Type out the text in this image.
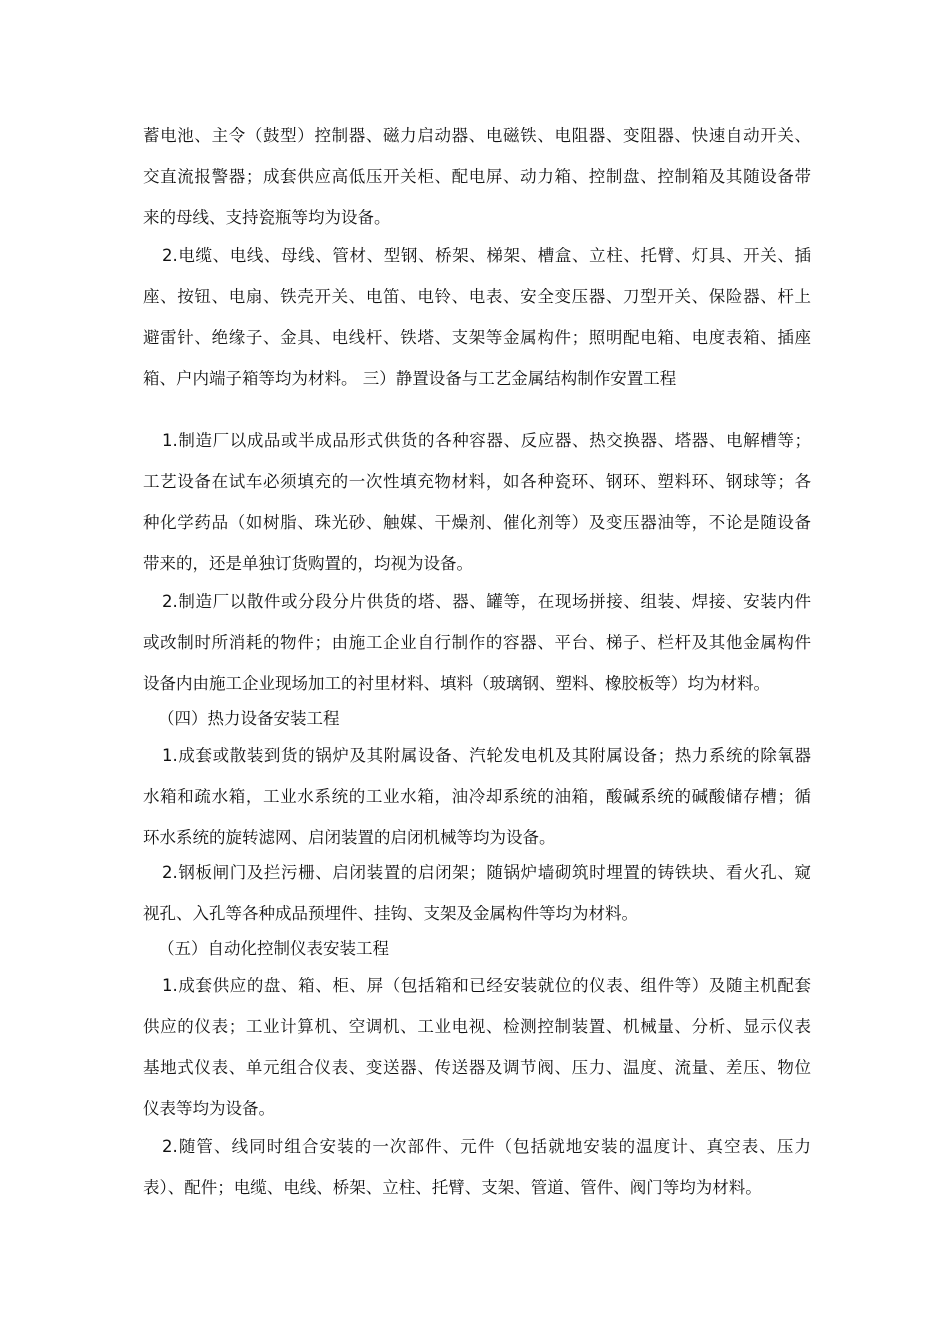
蓄电池、主令（鼓型）控制器、磁力启动器、电磁铁、电阻器、变阻器、快速自动开关、
交直流报警器；成套供应高低压开关柜、配电屏、动力箱、控制盘、控制箱及其随设备带
来的母线、支持瓷瓶等均为设备。
2.电缆、电线、母线、管材、型钢、桥架、梯架、槽盒、立柱、托臂、灯具、开关、插
座、按钮、电扇、铁壳开关、电笛、电铃、电表、安全变压器、刀型开关、保险器、杆上
避雷针、绝缘子、金具、电线杆、铁塔、支架等金属构件；照明配电箱、电度表箱、插座
箱、户内端子箱等均为材料。 三）静置设备与工艺金属结构制作安置工程
1.制造厂以成品或半成品形式供货的各种容器、反应器、热交换器、塔器、电解槽等；
工艺设备在试车必须填充的一次性填充物材料，如各种瓷环、钢环、塑料环、钢球等；各
种化学药品（如树脂、珠光砂、触媒、干燥剂、催化剂等）及变压器油等，不论是随设备
带来的，还是单独订货购置的，均视为设备。
2.制造厂以散件或分段分片供货的塔、器、罐等，在现场拼接、组装、焊接、安装内件
或改制时所消耗的物件；由施工企业自行制作的容器、平台、梯子、栏杆及其他金属构件
设备内由施工企业现场加工的衬里材料、填料（玻璃钢、塑料、橡胶板等）均为材料。
（四）热力设备安装工程
1.成套或散装到货的锅炉及其附属设备、汽轮发电机及其附属设备；热力系统的除氧器
水箱和疏水箱，工业水系统的工业水箱，油冷却系统的油箱，酸碱系统的碱酸储存槽；循
环水系统的旋转滤网、启闭装置的启闭机械等均为设备。
2.钢板闸门及拦污栅、启闭装置的启闭架；随锅炉墙砌筑时埋置的铸铁块、看火孔、窥
视孔、入孔等各种成品预埋件、挂钩、支架及金属构件等均为材料。
（五）自动化控制仪表安装工程
1.成套供应的盘、箱、柜、屏（包括箱和已经安装就位的仪表、组件等）及随主机配套
供应的仪表；工业计算机、空调机、工业电视、检测控制装置、机械量、分析、显示仪表
基地式仪表、单元组合仪表、变送器、传送器及调节阀、压力、温度、流量、差压、物位
仪表等均为设备。
2.随管、线同时组合安装的一次部件、元件（包括就地安装的温度计、真空表、压力
表）、配件；电缆、电线、桥架、立柱、托臂、支架、管道、管件、阀门等均为材料。
